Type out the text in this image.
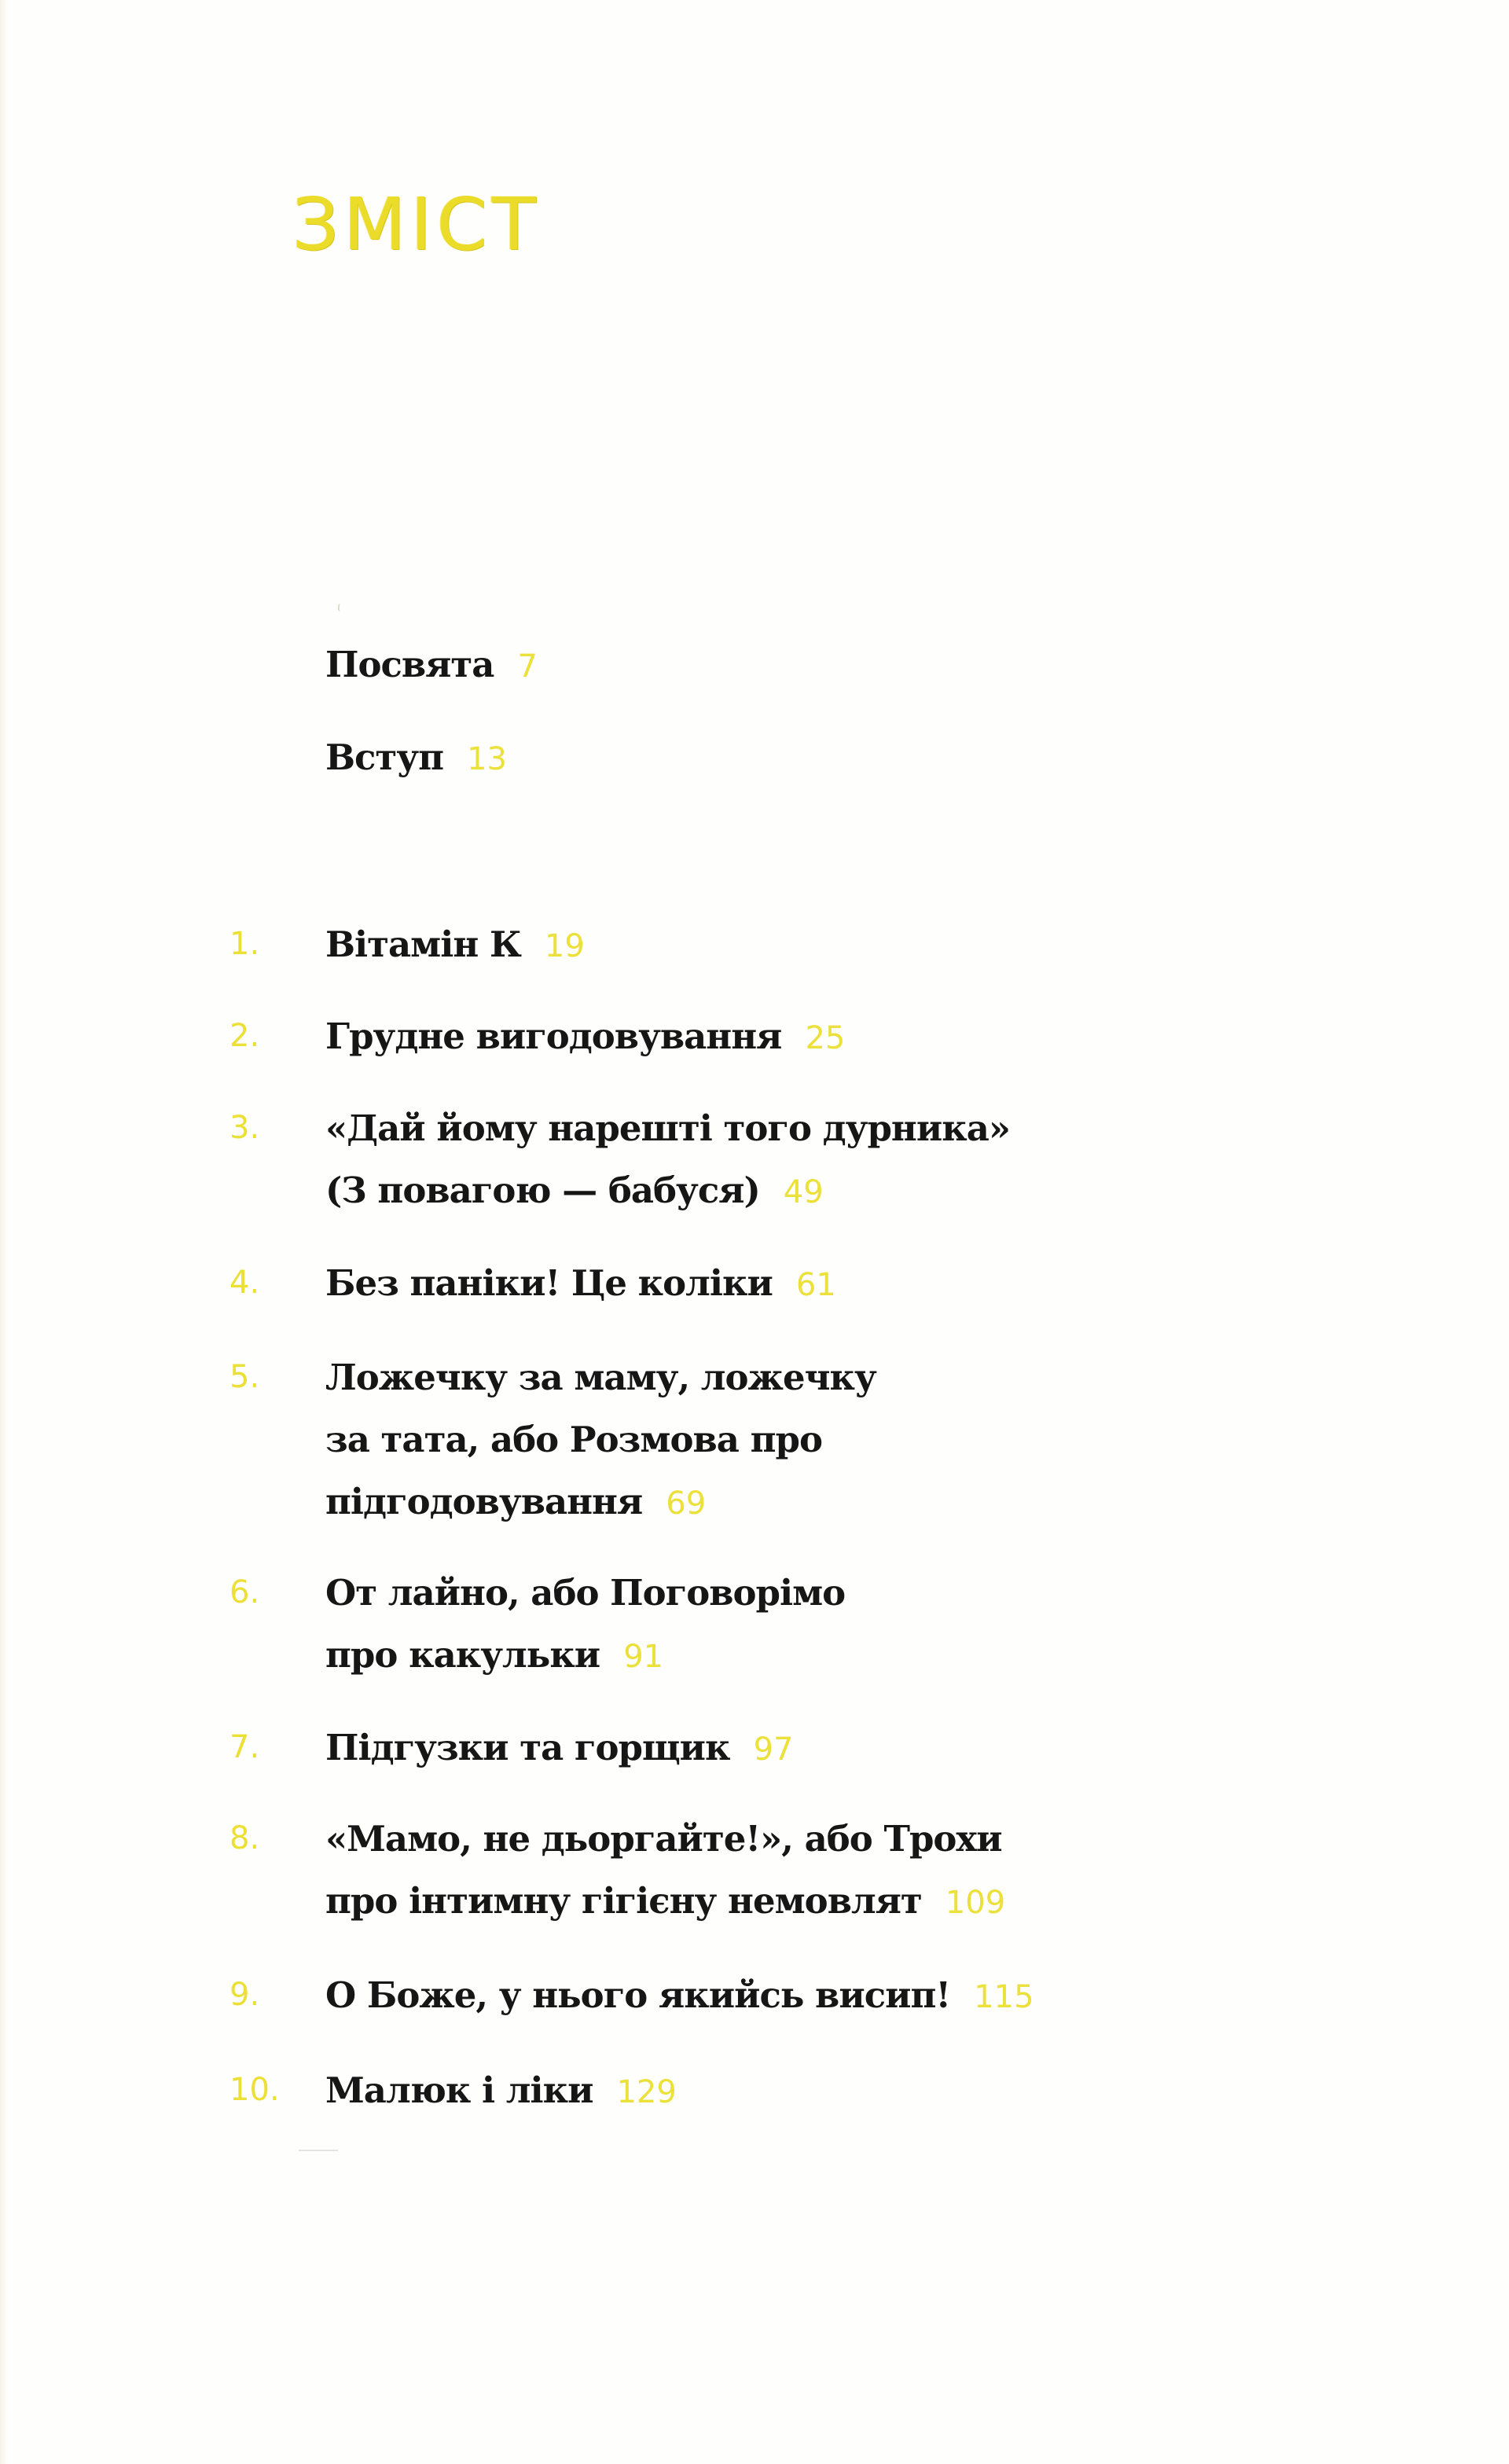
ЗМІСТ
Посвята 7
Вступ 13
1. Вітамін К 19
2. Грудне вигодовування 25
3. «Дай йому нарешті того дурника»
(З повагою — бабуся) 49
4. Без паніки! Це коліки 61
5. Ложечку за маму, ложечку
за тата, або Розмова про
підгодовування 69
6. От лайно, або Поговорімо
про какульки 91
7. Підгузки та горщик 97
8. «Мамо, не дьоргайте!», або Трохи
про інтимну гігієну немовлят 109
9. О Боже, у нього якийсь висип! 115
10. Малюк і ліки 129
